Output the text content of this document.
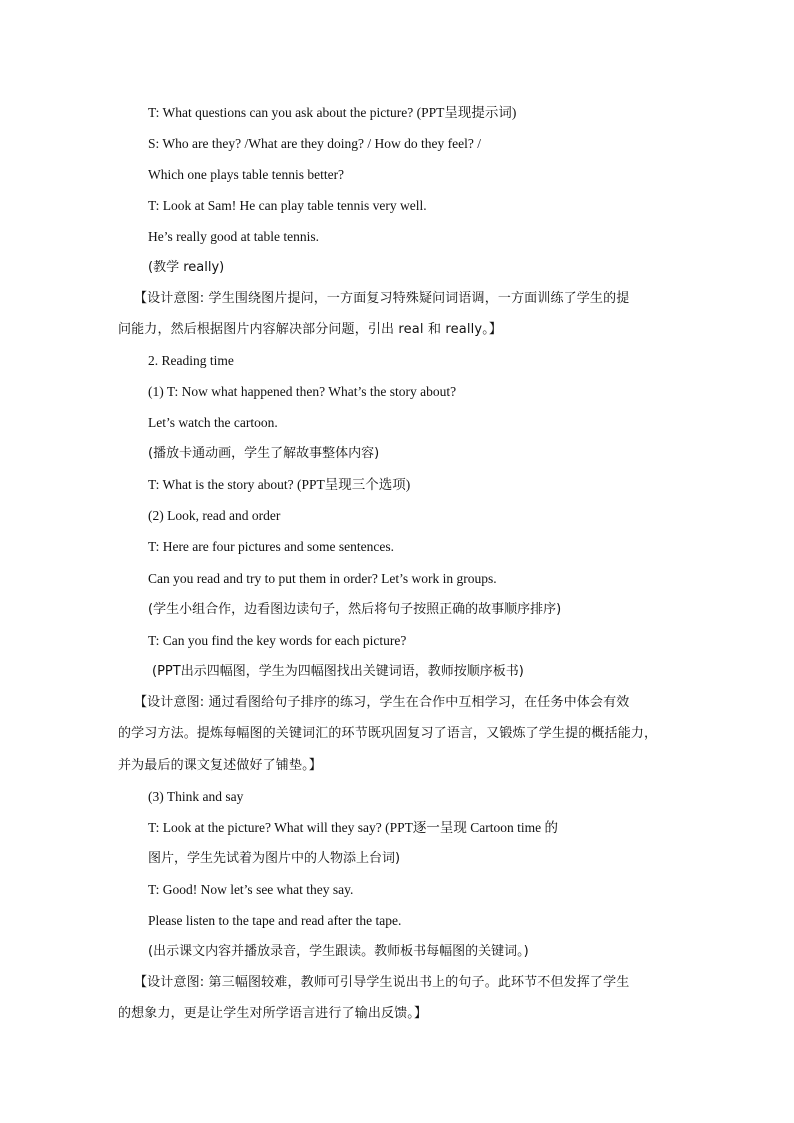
T: What questions can you ask about the picture? (PPT呈现提示词)
S: Who are they? /What are they doing? / How do they feel? /
Which one plays table tennis better?
T: Look at Sam! He can play table tennis very well.
He’s really good at table tennis.
(教学 really)
【设计意图: 学生围绕图片提问，一方面复习特殊疑问词语调，一方面训练了学生的提
问能力，然后根据图片内容解决部分问题，引出 real 和 really。】
2. Reading time
(1) T: Now what happened then? What’s the story about?
Let’s watch the cartoon.
(播放卡通动画，学生了解故事整体内容)
T: What is the story about? (PPT呈现三个选项)
(2) Look, read and order
T: Here are four pictures and some sentences.
Can you read and try to put them in order? Let’s work in groups.
(学生小组合作，边看图边读句子，然后将句子按照正确的故事顺序排序)
T: Can you find the key words for each picture?
(PPT出示四幅图，学生为四幅图找出关键词语，教师按顺序板书)
【设计意图: 通过看图给句子排序的练习，学生在合作中互相学习，在任务中体会有效
的学习方法。提炼每幅图的关键词汇的环节既巩固复习了语言，又锻炼了学生提的概括能力，
并为最后的课文复述做好了铺垫。】
(3) Think and say
T: Look at the picture? What will they say? (PPT逐一呈现 Cartoon time 的
图片，学生先试着为图片中的人物添上台词)
T: Good! Now let’s see what they say.
Please listen to the tape and read after the tape.
(出示课文内容并播放录音，学生跟读。教师板书每幅图的关键词。)
【设计意图: 第三幅图较难，教师可引导学生说出书上的句子。此环节不但发挥了学生
的想象力，更是让学生对所学语言进行了输出反馈。】
